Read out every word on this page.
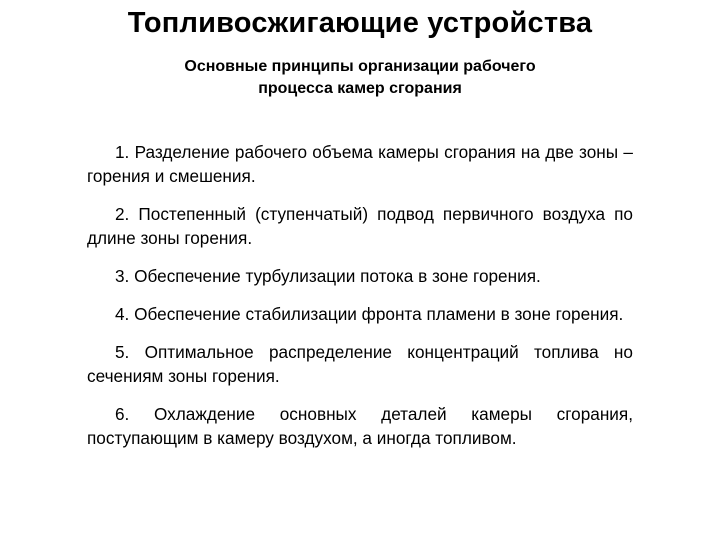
Топливосжигающие устройства
Основные принципы организации рабочего
процесса камер сгорания

1. Разделение рабочего объема камеры сгорания на две зоны – горения и смешения.

2. Постепенный (ступенчатый) подвод первичного воздуха по длине зоны горения.

3. Обеспечение турбулизации потока в зоне горения.

4. Обеспечение стабилизации фронта пламени в зоне горения.

5. Оптимальное распределение концентраций топлива но сечениям зоны горения.

6. Охлаждение основных деталей камеры сгорания, поступающим в камеру воздухом, а иногда топливом.
